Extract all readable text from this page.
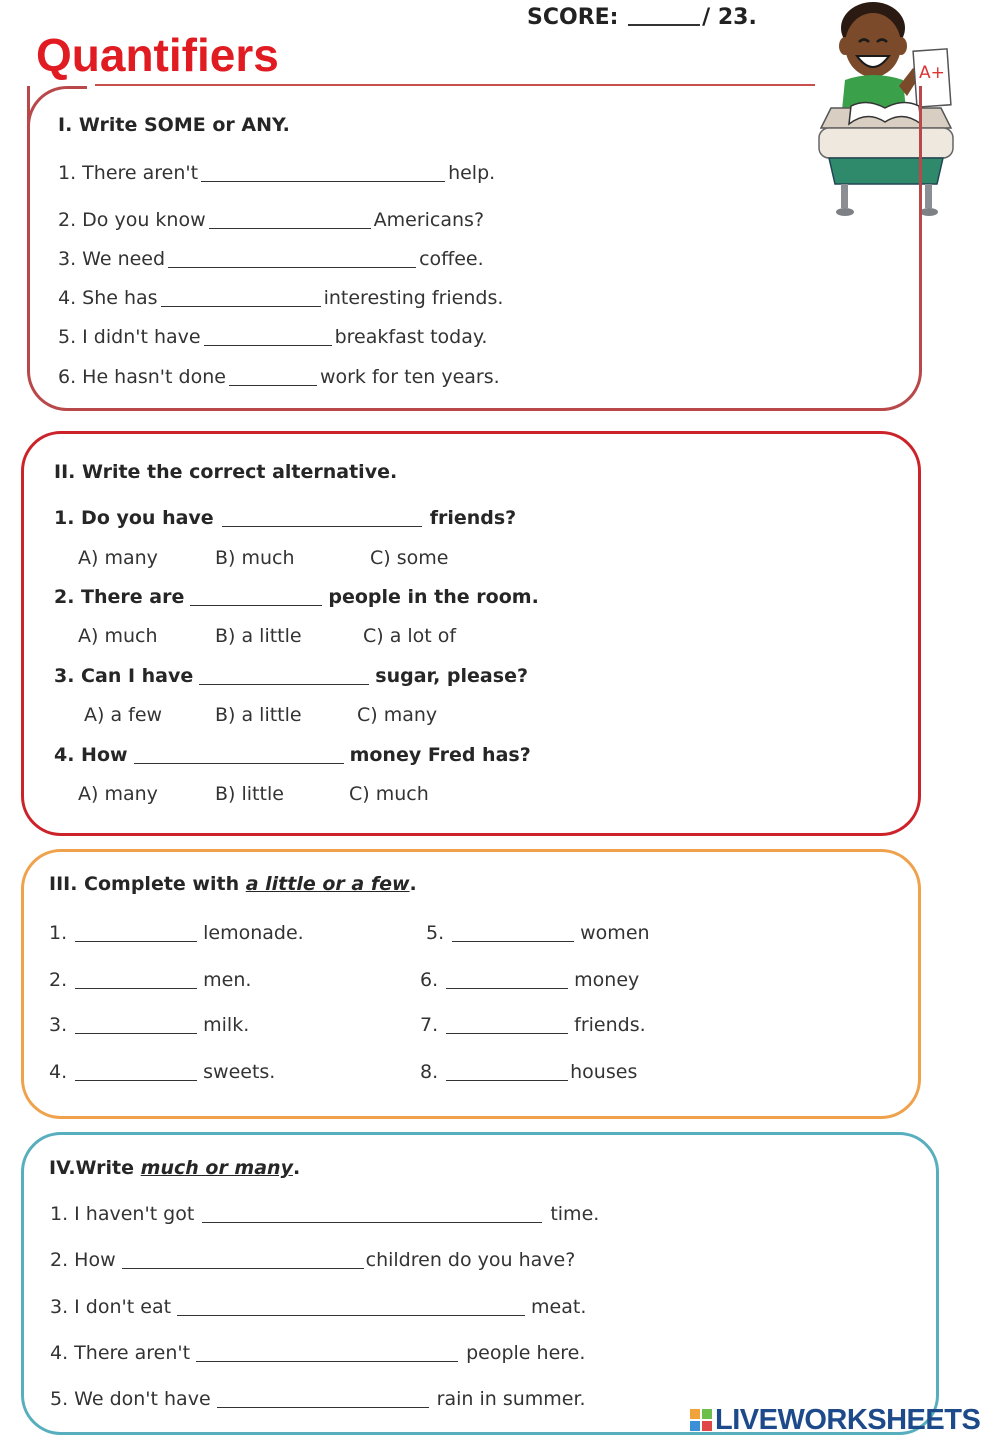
Quantifiers
SCORE:	/ 23.
A+
I. Write SOME or ANY.
1. There aren't	help.
2. Do you know	Americans?
3. We need	coffee.
4. She has	interesting friends.
5. I didn't have	breakfast today.
6. He hasn't done	work for ten years.
II. Write the correct alternative.
1. Do you have	friends?
A) many	B) much	C) some
2. There are	people in the room.
A) much	B) a little	C) a lot of
3. Can I have	sugar, please?
A) a few	B) a little	C) many
4. How	money Fred has?
A) many	B) little	C) much
III. Complete with a little or a few.
1.	lemonade.
2.	men.
3.	milk.
4.	sweets.
5.	women
6.	money
7.	friends.
8.	houses
IV.Write much or many.
1. I haven't got	time.
2. How	children do you have?
3. I don't eat	meat.
4. There aren't	people here.
5. We don't have	rain in summer.
LIVEWORKSHEETS
